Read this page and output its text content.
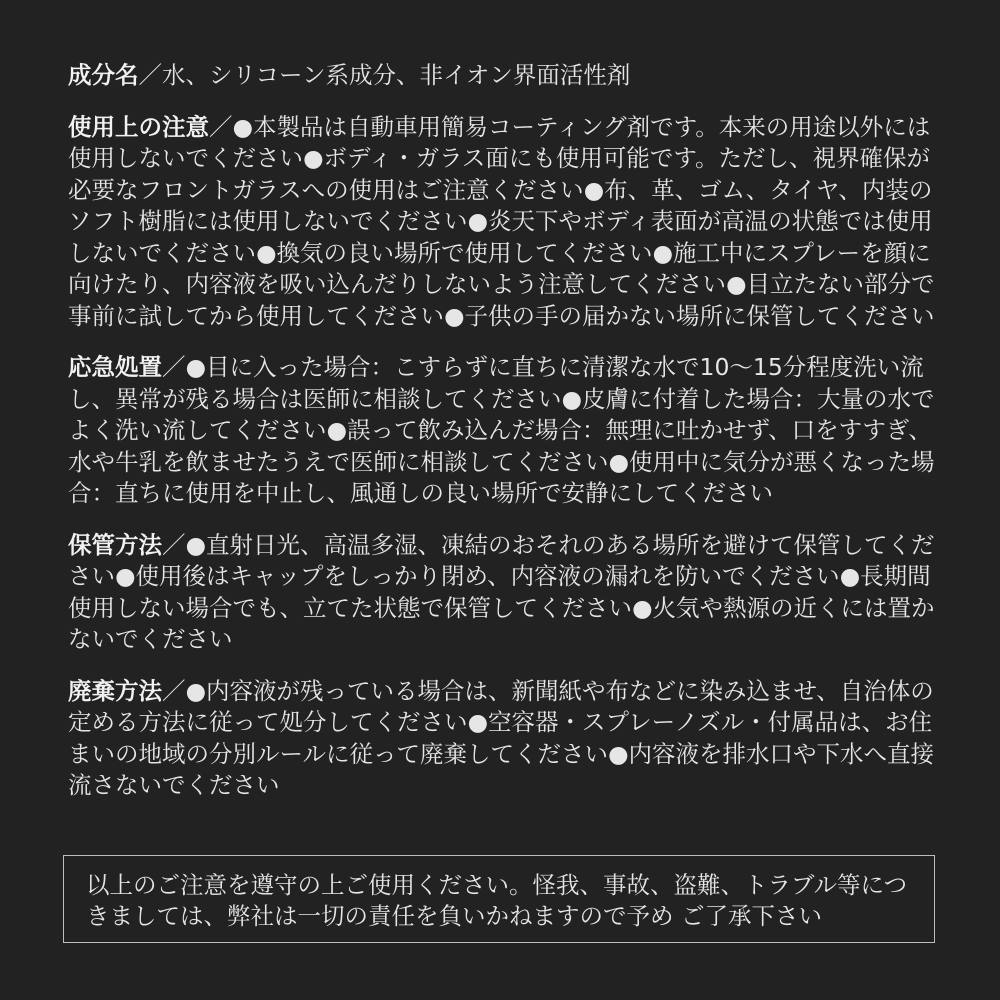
成分名／水、シリコーン系成分、非イオン界面活性剤
使用上の注意／●本製品は自動車用簡易コーティング剤です。本来の用途以外には使用しないでください●ボディ・ガラス面にも使用可能です。ただし、視界確保が必要なフロントガラスへの使用はご注意ください●布、革、ゴム、タイヤ、内装のソフト樹脂には使用しないでください●炎天下やボディ表面が高温の状態では使用しないでください●換気の良い場所で使用してください●施工中にスプレーを顔に向けたり、内容液を吸い込んだりしないよう注意してください●目立たない部分で事前に試してから使用してください●子供の手の届かない場所に保管してください
応急処置／●目に入った場合：こすらずに直ちに清潔な水で10〜15分程度洗い流し、異常が残る場合は医師に相談してください●皮膚に付着した場合：大量の水でよく洗い流してください●誤って飲み込んだ場合：無理に吐かせず、口をすすぎ、水や牛乳を飲ませたうえで医師に相談してください●使用中に気分が悪くなった場合：直ちに使用を中止し、風通しの良い場所で安静にしてください
保管方法／●直射日光、高温多湿、凍結のおそれのある場所を避けて保管してください●使用後はキャップをしっかり閉め、内容液の漏れを防いでください●長期間使用しない場合でも、立てた状態で保管してください●火気や熱源の近くには置かないでください
廃棄方法／●内容液が残っている場合は、新聞紙や布などに染み込ませ、自治体の定める方法に従って処分してください●空容器・スプレーノズル・付属品は、お住まいの地域の分別ルールに従って廃棄してください●内容液を排水口や下水へ直接流さないでください
以上のご注意を遵守の上ご使用ください。怪我、事故、盗難、トラブル等につきましては、弊社は一切の責任を負いかねますので予め ご了承下さい
